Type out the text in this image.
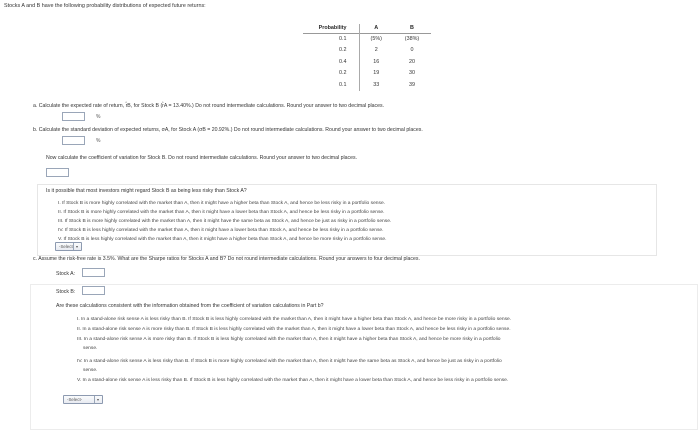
Stocks A and B have the following probability distributions of expected future returns:
Probability	A	B
0.1	(5%)	(38%)
0.2	2	0
0.4	16	20
0.2	19	30
0.1	33	39
a. Calculate the expected rate of return, r̂B, for Stock B (r̂A = 13.40%.) Do not round intermediate calculations. Round your answer to two decimal places.
%
b. Calculate the standard deviation of expected returns, σA, for Stock A (σB = 20.92%.) Do not round intermediate calculations. Round your answer to two decimal places.
%
Now calculate the coefficient of variation for Stock B. Do not round intermediate calculations. Round your answer to two decimal places.
Is it possible that most investors might regard Stock B as being less risky than Stock A?
I. If Stock B is more highly correlated with the market than A, then it might have a higher beta than Stock A, and hence be less risky in a portfolio sense.
II. If Stock B is more highly correlated with the market than A, then it might have a lower beta than Stock A, and hence be less risky in a portfolio sense.
III. If Stock B is more highly correlated with the market than A, then it might have the same beta as Stock A, and hence be just as risky in a portfolio sense.
IV. If Stock B is less highly correlated with the market than A, then it might have a lower beta than Stock A, and hence be less risky in a portfolio sense.
V. If Stock B is less highly correlated with the market than A, then it might have a higher beta than Stock A, and hence be more risky in a portfolio sense.
-Select- ▾
c. Assume the risk-free rate is 3.5%. What are the Sharpe ratios for Stocks A and B? Do not round intermediate calculations. Round your answers to four decimal places.
Stock A:
Stock B:
Are these calculations consistent with the information obtained from the coefficient of variation calculations in Part b?
I. In a stand-alone risk sense A is less risky than B. If Stock B is less highly correlated with the market than A, then it might have a higher beta than Stock A, and hence be more risky in a portfolio sense.
II. In a stand-alone risk sense A is more risky than B. If Stock B is less highly correlated with the market than A, then it might have a lower beta than Stock A, and hence be less risky in a portfolio sense.
III. In a stand-alone risk sense A is more risky than B. If Stock B is less highly correlated with the market than A, then it might have a higher beta than Stock A, and hence be more risky in a portfolio
sense.
IV. In a stand-alone risk sense A is less risky than B. If Stock B is more highly correlated with the market than A, then it might have the same beta as Stock A, and hence be just as risky in a portfolio
sense.
V. In a stand-alone risk sense A is less risky than B. If Stock B is less highly correlated with the market than A, then it might have a lower beta than Stock A, and hence be less risky in a portfolio sense.
-Select-	▾
